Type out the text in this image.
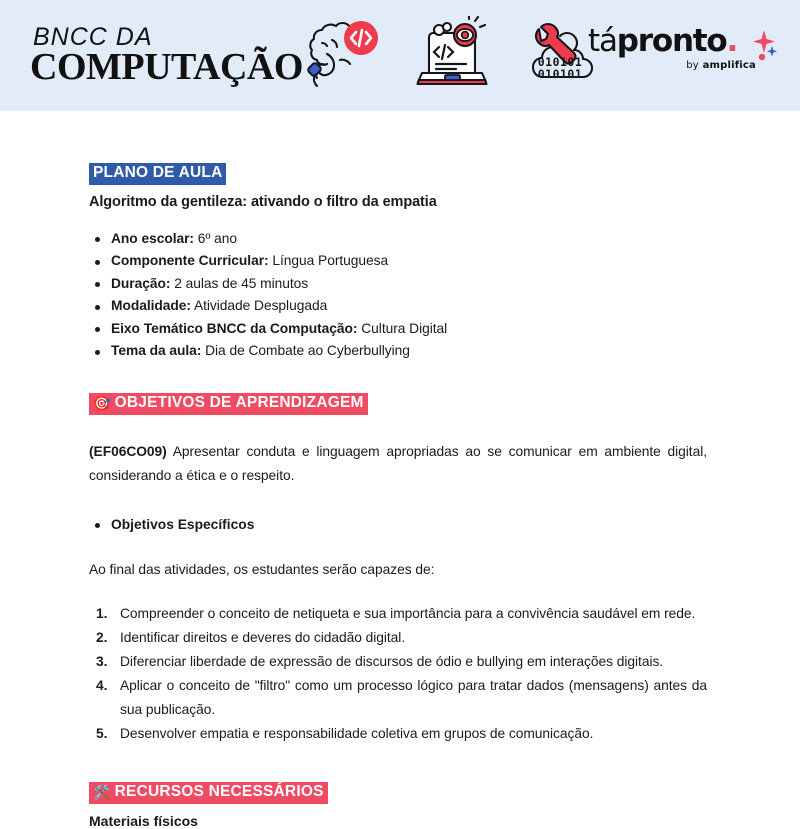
BNCC DA
COMPUTAÇÃO	010101
010101
tápronto.
by amplifica
PLANO DE AULA
Algoritmo da gentileza: ativando o filtro da empatia
Ano escolar: 6º ano
Componente Curricular: Língua Portuguesa
Duração: 2 aulas de 45 minutos
Modalidade: Atividade Desplugada
Eixo Temático BNCC da Computação: Cultura Digital
Tema da aula: Dia de Combate ao Cyberbullying
🎯 OBJETIVOS DE APRENDIZAGEM

(EF06CO09) Apresentar conduta e linguagem apropriadas ao se comunicar em ambiente digital, considerando a ética e o respeito.

Objetivos Específicos

Ao final das atividades, os estudantes serão capazes de:

Compreender o conceito de netiqueta e sua importância para a convivência saudável em rede.
Identificar direitos e deveres do cidadão digital.
Diferenciar liberdade de expressão de discursos de ódio e bullying em interações digitais.
Aplicar o conceito de "filtro" como um processo lógico para tratar dados (mensagens) antes da sua publicação.
Desenvolver empatia e responsabilidade coletiva em grupos de comunicação.
🛠️ RECURSOS NECESSÁRIOS
Materiais físicos
